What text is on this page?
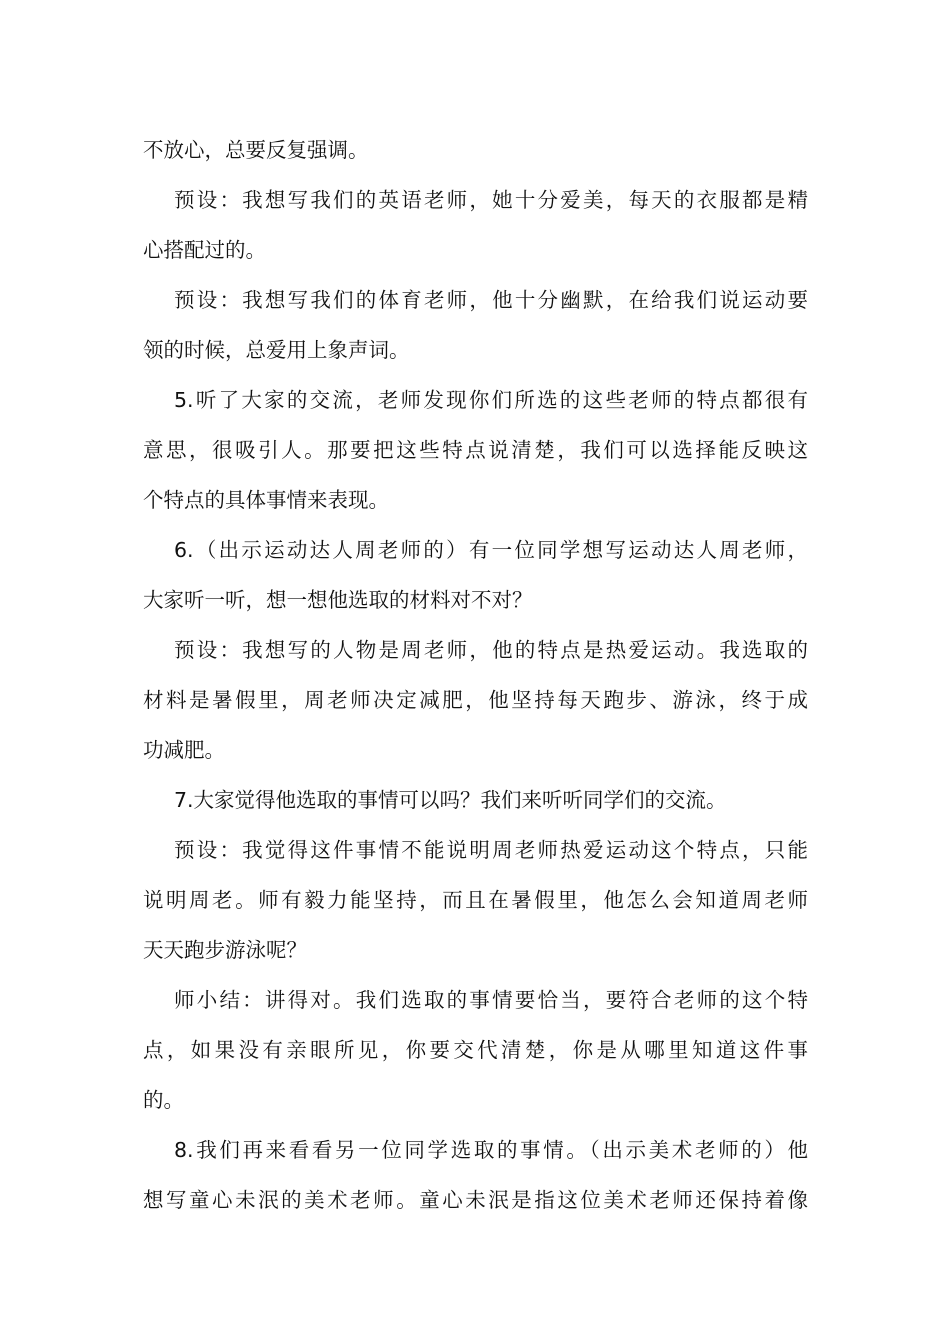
不放心，总要反复强调。
预设：我想写我们的英语老师，她十分爱美，每天的衣服都是精
心搭配过的。
预设：我想写我们的体育老师，他十分幽默，在给我们说运动要
领的时候，总爱用上象声词。
5.听了大家的交流，老师发现你们所选的这些老师的特点都很有
意思，很吸引人。那要把这些特点说清楚，我们可以选择能反映这
个特点的具体事情来表现。
6.（出示运动达人周老师的）有一位同学想写运动达人周老师，
大家听一听，想一想他选取的材料对不对？
预设：我想写的人物是周老师，他的特点是热爱运动。我选取的
材料是暑假里，周老师决定减肥，他坚持每天跑步、游泳，终于成
功减肥。
7.大家觉得他选取的事情可以吗？我们来听听同学们的交流。
预设：我觉得这件事情不能说明周老师热爱运动这个特点，只能
说明周老。师有毅力能坚持，而且在暑假里，他怎么会知道周老师
天天跑步游泳呢？
师小结：讲得对。我们选取的事情要恰当，要符合老师的这个特
点，如果没有亲眼所见，你要交代清楚，你是从哪里知道这件事
的。
8.我们再来看看另一位同学选取的事情。（出示美术老师的）他
想写童心未泯的美术老师。童心未泯是指这位美术老师还保持着像
